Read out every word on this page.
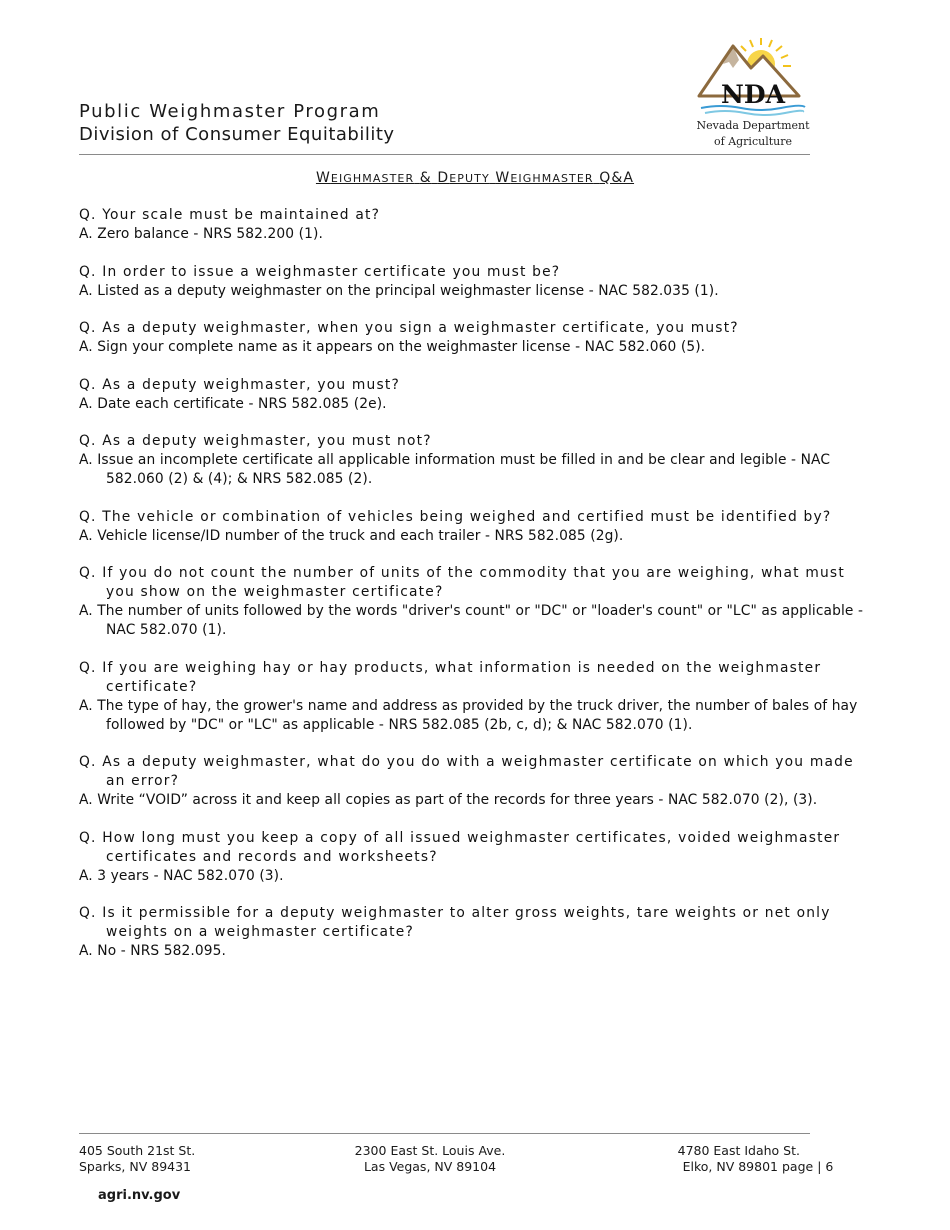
Public Weighmaster Program
Division of Consumer Equitability
NDA
Nevada Department
of Agriculture
WEIGHMASTER & DEPUTY WEIGHMASTER Q&A
Q. Your scale must be maintained at?
A. Zero balance - NRS 582.200 (1).
Q. In order to issue a weighmaster certificate you must be?
A. Listed as a deputy weighmaster on the principal weighmaster license - NAC 582.035 (1).
Q. As a deputy weighmaster, when you sign a weighmaster certificate, you must?
A. Sign your complete name as it appears on the weighmaster license - NAC 582.060 (5).
Q. As a deputy weighmaster, you must?
A. Date each certificate - NRS 582.085 (2e).
Q. As a deputy weighmaster, you must not?
A. Issue an incomplete certificate all applicable information must be filled in and be clear and legible - NAC 582.060 (2) & (4); & NRS 582.085 (2).
Q. The vehicle or combination of vehicles being weighed and certified must be identified by?
A. Vehicle license/ID number of the truck and each trailer - NRS 582.085 (2g).
Q. If you do not count the number of units of the commodity that you are weighing, what must you show on the weighmaster certificate?
A. The number of units followed by the words "driver's count" or "DC" or "loader's count" or "LC" as applicable - NAC 582.070 (1).
Q. If you are weighing hay or hay products, what information is needed on the weighmaster certificate?
A. The type of hay, the grower's name and address as provided by the truck driver, the number of bales of hay followed by "DC" or "LC" as applicable - NRS 582.085 (2b, c, d); & NAC 582.070 (1).
Q. As a deputy weighmaster, what do you do with a weighmaster certificate on which you made an error?
A. Write “VOID” across it and keep all copies as part of the records for three years - NAC 582.070 (2), (3).
Q. How long must you keep a copy of all issued weighmaster certificates, voided weighmaster certificates and records and worksheets?
A. 3 years - NAC 582.070 (3).
Q. Is it permissible for a deputy weighmaster to alter gross weights, tare weights or net only weights on a weighmaster certificate?
A. No - NRS 582.095.
405 South 21st St.
Sparks, NV 89431
2300 East St. Louis Ave.
Las Vegas, NV 89104
4780 East Idaho St.
Elko, NV 89801 page | 6
agri.nv.gov
